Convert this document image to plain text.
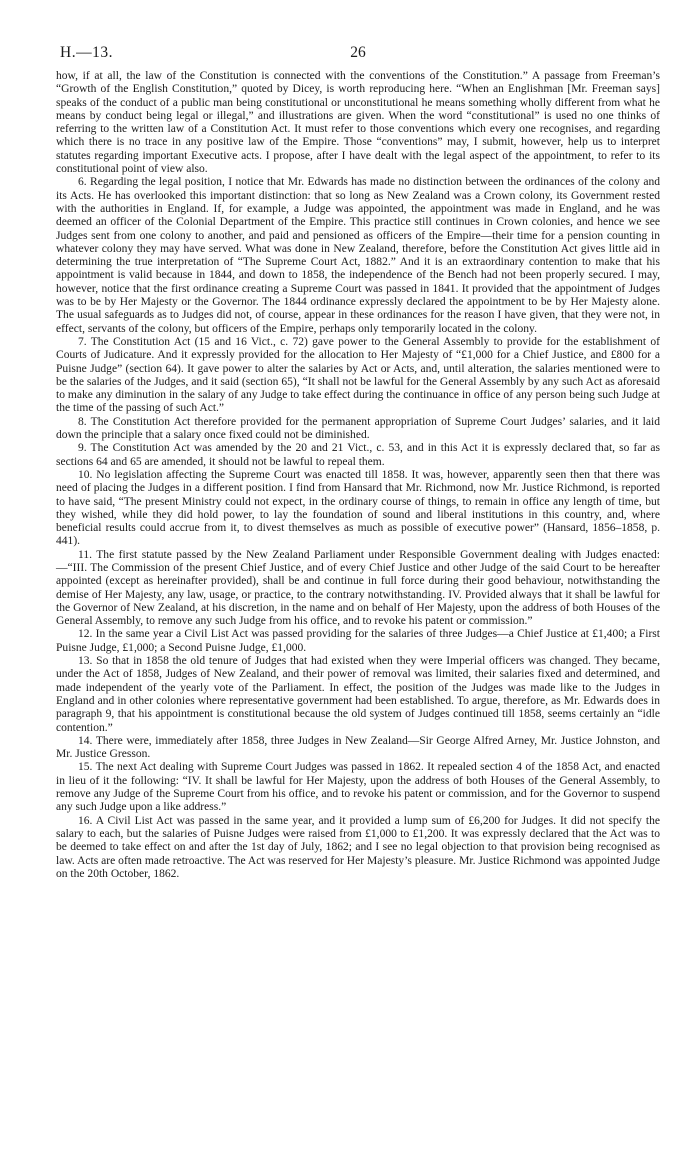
H.—13.	26

how, if at all, the law of the Constitution is connected with the conventions of the Constitution.” A passage from Freeman’s “Growth of the English Constitution,” quoted by Dicey, is worth reproducing here. “When an Englishman [Mr. Freeman says] speaks of the conduct of a public man being constitutional or unconstitutional he means something wholly different from what he means by conduct being legal or illegal,” and illustrations are given. When the word “constitutional” is used no one thinks of referring to the written law of a Constitution Act. It must refer to those conventions which every one recognises, and regarding which there is no trace in any positive law of the Empire. Those “conventions” may, I submit, however, help us to interpret statutes regarding important Executive acts. I propose, after I have dealt with the legal aspect of the appointment, to refer to its constitutional point of view also.

6. Regarding the legal position, I notice that Mr. Edwards has made no distinction between the ordinances of the colony and its Acts. He has overlooked this important distinction: that so long as New Zealand was a Crown colony, its Government rested with the authorities in England. If, for example, a Judge was appointed, the appointment was made in England, and he was deemed an officer of the Colonial Department of the Empire. This practice still continues in Crown colonies, and hence we see Judges sent from one colony to another, and paid and pensioned as officers of the Empire—their time for a pension counting in whatever colony they may have served. What was done in New Zealand, therefore, before the Constitution Act gives little aid in determining the true interpretation of “The Supreme Court Act, 1882.” And it is an extraordinary contention to make that his appointment is valid because in 1844, and down to 1858, the independence of the Bench had not been properly secured. I may, however, notice that the first ordinance creating a Supreme Court was passed in 1841. It provided that the appointment of Judges was to be by Her Majesty or the Governor. The 1844 ordinance expressly declared the appointment to be by Her Majesty alone. The usual safeguards as to Judges did not, of course, appear in these ordinances for the reason I have given, that they were not, in effect, servants of the colony, but officers of the Empire, perhaps only temporarily located in the colony.

7. The Constitution Act (15 and 16 Vict., c. 72) gave power to the General Assembly to provide for the establishment of Courts of Judicature. And it expressly provided for the allocation to Her Majesty of “£1,000 for a Chief Justice, and £800 for a Puisne Judge” (section 64). It gave power to alter the salaries by Act or Acts, and, until alteration, the salaries mentioned were to be the salaries of the Judges, and it said (section 65), “It shall not be lawful for the General Assembly by any such Act as aforesaid to make any diminution in the salary of any Judge to take effect during the continuance in office of any person being such Judge at the time of the passing of such Act.”

8. The Constitution Act therefore provided for the permanent appropriation of Supreme Court Judges’ salaries, and it laid down the principle that a salary once fixed could not be diminished.

9. The Constitution Act was amended by the 20 and 21 Vict., c. 53, and in this Act it is expressly declared that, so far as sections 64 and 65 are amended, it should not be lawful to repeal them.

10. No legislation affecting the Supreme Court was enacted till 1858. It was, however, apparently seen then that there was need of placing the Judges in a different position. I find from Hansard that Mr. Richmond, now Mr. Justice Richmond, is reported to have said, “The present Ministry could not expect, in the ordinary course of things, to remain in office any length of time, but they wished, while they did hold power, to lay the foundation of sound and liberal institutions in this country, and, where beneficial results could accrue from it, to divest themselves as much as possible of executive power” (Hansard, 1856–1858, p. 441).

11. The first statute passed by the New Zealand Parliament under Responsible Government dealing with Judges enacted:—“III. The Commission of the present Chief Justice, and of every Chief Justice and other Judge of the said Court to be hereafter appointed (except as hereinafter provided), shall be and continue in full force during their good behaviour, notwithstanding the demise of Her Majesty, any law, usage, or practice, to the contrary notwithstanding. IV. Provided always that it shall be lawful for the Governor of New Zealand, at his discretion, in the name and on behalf of Her Majesty, upon the address of both Houses of the General Assembly, to remove any such Judge from his office, and to revoke his patent or commission.”

12. In the same year a Civil List Act was passed providing for the salaries of three Judges—a Chief Justice at £1,400; a First Puisne Judge, £1,000; a Second Puisne Judge, £1,000.

13. So that in 1858 the old tenure of Judges that had existed when they were Imperial officers was changed. They became, under the Act of 1858, Judges of New Zealand, and their power of removal was limited, their salaries fixed and determined, and made independent of the yearly vote of the Parliament. In effect, the position of the Judges was made like to the Judges in England and in other colonies where representative government had been established. To argue, therefore, as Mr. Edwards does in paragraph 9, that his appointment is constitutional because the old system of Judges continued till 1858, seems certainly an “idle contention.”

14. There were, immediately after 1858, three Judges in New Zealand—Sir George Alfred Arney, Mr. Justice Johnston, and Mr. Justice Gresson.

15. The next Act dealing with Supreme Court Judges was passed in 1862. It repealed section 4 of the 1858 Act, and enacted in lieu of it the following: “IV. It shall be lawful for Her Majesty, upon the address of both Houses of the General Assembly, to remove any Judge of the Supreme Court from his office, and to revoke his patent or commission, and for the Governor to suspend any such Judge upon a like address.”

16. A Civil List Act was passed in the same year, and it provided a lump sum of £6,200 for Judges. It did not specify the salary to each, but the salaries of Puisne Judges were raised from £1,000 to £1,200. It was expressly declared that the Act was to be deemed to take effect on and after the 1st day of July, 1862; and I see no legal objection to that provision being recognised as law. Acts are often made retroactive. The Act was reserved for Her Majesty’s pleasure. Mr. Justice Richmond was appointed Judge on the 20th October, 1862.
